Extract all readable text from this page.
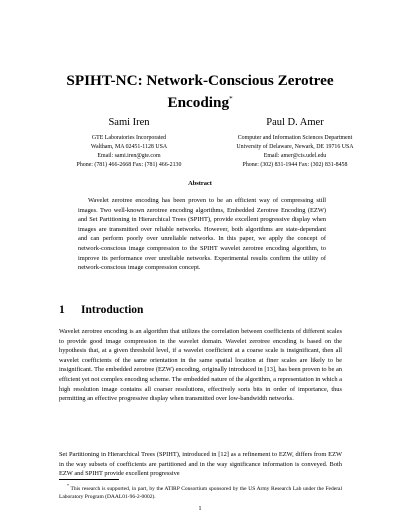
SPIHT-NC: Network-Conscious Zerotree
Encoding*
Sami Iren
GTE Laboratories Incorporated
Waltham, MA 02451-1128 USA
Email: sami.iren@gte.com
Phone: (781) 466-2668 Fax: (781) 466-2130
Paul D. Amer
Computer and Information Sciences Department
University of Delaware, Newark, DE 19716 USA
Email: amer@cis.udel.edu
Phone: (302) 831-1944 Fax: (302) 831-8458
Abstract
Wavelet zerotree encoding has been proven to be an efficient way of compressing still images. Two well-known zerotree encoding algorithms, Embedded Zerotree Encoding (EZW) and Set Partitioning in Hierarchical Trees (SPIHT), provide excellent progressive display when images are transmitted over reliable networks. However, both algorithms are state-dependant and can perform poorly over unreliable networks. In this paper, we apply the concept of network-conscious image compression to the SPIHT wavelet zerotree encoding algorithm, to improve its performance over unreliable networks. Experimental results confirm the utility of network-conscious image compression concept.
1 Introduction
Wavelet zerotree encoding is an algorithm that utilizes the correlation between coefficients of different scales to provide good image compression in the wavelet domain. Wavelet zerotree encoding is based on the hypothesis that, at a given threshold level, if a wavelet coefficient at a coarse scale is insignificant, then all wavelet coefficients of the same orientation in the same spatial location at finer scales are likely to be insignificant. The embedded zerotree (EZW) encoding, originally introduced in [13], has been proven to be an efficient yet not complex encoding scheme. The embedded nature of the algorithm, a representation in which a high resolution image contains all coarser resolutions, effectively sorts bits in order of importance, thus permitting an effective progressive display when transmitted over low-bandwidth networks.
Set Partitioning in Hierarchical Trees (SPIHT), introduced in [12] as a refinement to EZW, differs from EZW in the way subsets of coefficients are partitioned and in the way significance information is conveyed. Both EZW and SPIHT provide excellent progressive
* This research is supported, in part, by the ATIRP Consortium sponsored by the US Army Research Lab under the Federal Laboratory Program (DAAL01-96-2-0002).
1
